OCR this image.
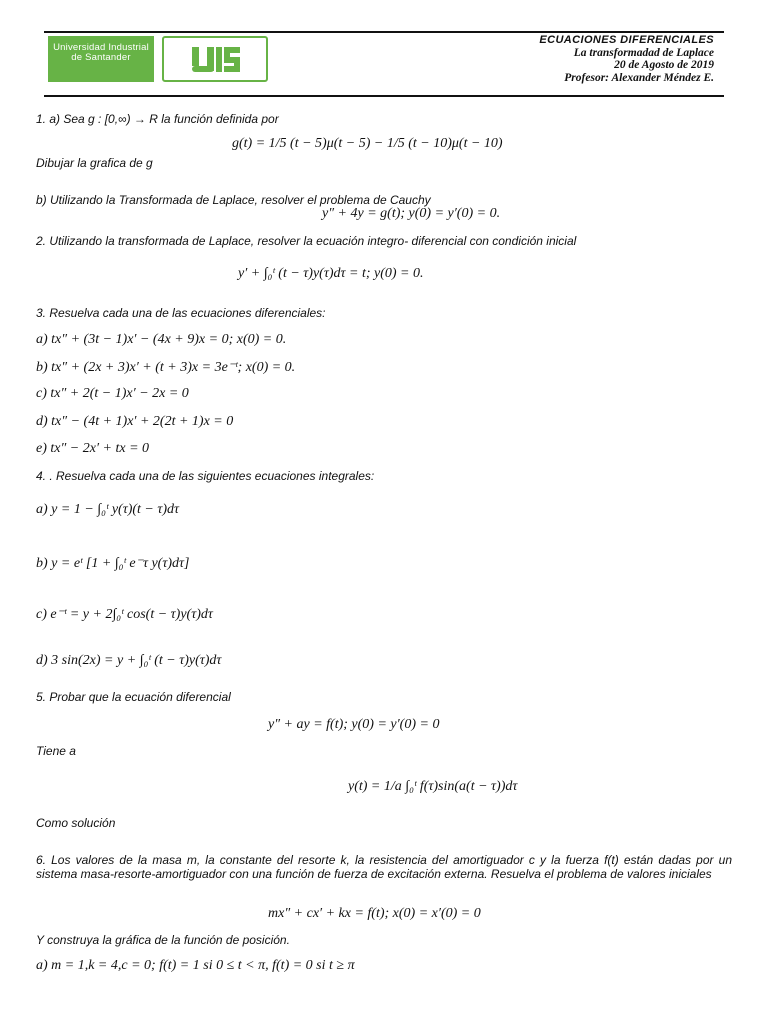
Universidad Industrial de Santander
ECUACIONES DIFERENCIALES
La transformadad de Laplace
20 de Agosto de 2019
Profesor: Alexander Méndez E.
1. a) Sea g : [0,∞) → R la función definida por
g(t) = 1/5 (t − 5)μ(t − 5) − 1/5 (t − 10)μ(t − 10)
Dibujar la grafica de g
b) Utilizando la Transformada de Laplace, resolver el problema de Cauchy
y″ + 4y = g(t); y(0) = y′(0) = 0.
2. Utilizando la transformada de Laplace, resolver la ecuación integro- diferencial con condición inicial
y′ + ∫₀ᵗ (t − τ)y(τ)dτ = t; y(0) = 0.
3. Resuelva cada una de las ecuaciones diferenciales:
a) tx″ + (3t − 1)x′ − (4x + 9)x = 0; x(0) = 0.
b) tx″ + (2x + 3)x′ + (t + 3)x = 3e⁻ᵗ; x(0) = 0.
c) tx″ + 2(t − 1)x′ − 2x = 0
d) tx″ − (4t + 1)x′ + 2(2t + 1)x = 0
e) tx″ − 2x′ + tx = 0
4. . Resuelva cada una de las siguientes ecuaciones integrales:
a) y = 1 − ∫₀ᵗ y(τ)(t − τ)dτ
b) y = eᵗ [1 + ∫₀ᵗ e⁻τ y(τ)dτ]
c) e⁻ᵗ = y + 2∫₀ᵗ cos(t − τ)y(τ)dτ
d) 3 sin(2x) = y + ∫₀ᵗ (t − τ)y(τ)dτ
5. Probar que la ecuación diferencial
y″ + ay = f(t); y(0) = y′(0) = 0
Tiene a
y(t) = 1/a ∫₀ᵗ f(τ)sin(a(t − τ))dτ
Como solución
6. Los valores de la masa m, la constante del resorte k, la resistencia del amortiguador c y la fuerza f(t) están dadas por un sistema masa-resorte-amortiguador con una función de fuerza de excitación externa. Resuelva el problema de valores iniciales
mx″ + cx′ + kx = f(t); x(0) = x′(0) = 0
Y construya la gráfica de la función de posición.
a) m = 1,k = 4,c = 0; f(t) = 1 si 0 ≤ t < π, f(t) = 0 si t ≥ π
